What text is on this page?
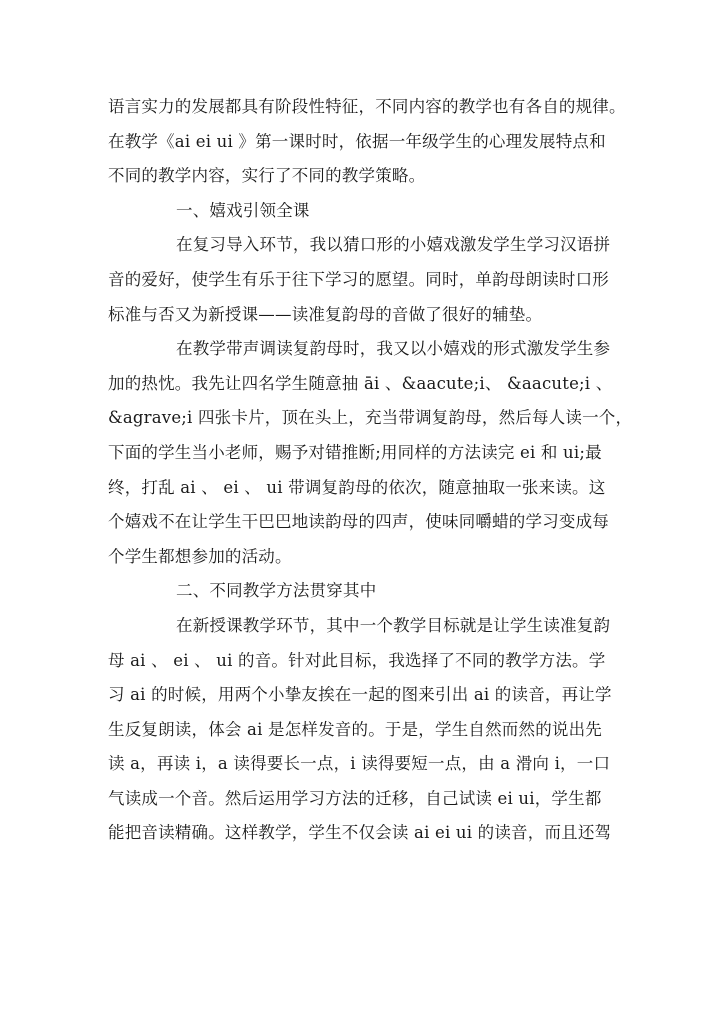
语言实力的发展都具有阶段性特征，不同内容的教学也有各自的规律。
在教学《ai ei ui 》第一课时时，依据一年级学生的心理发展特点和
不同的教学内容，实行了不同的教学策略。
一、嬉戏引领全课
在复习导入环节，我以猜口形的小嬉戏激发学生学习汉语拼
音的爱好，使学生有乐于往下学习的愿望。同时，单韵母朗读时口形
标准与否又为新授课——读准复韵母的音做了很好的辅垫。
在教学带声调读复韵母时，我又以小嬉戏的形式激发学生参
加的热忱。我先让四名学生随意抽 āi 、&aacute;i、 &aacute;i 、
&agrave;i 四张卡片，顶在头上，充当带调复韵母，然后每人读一个，
下面的学生当小老师，赐予对错推断;用同样的方法读完 ei 和 ui;最
终，打乱 ai 、 ei 、 ui 带调复韵母的依次，随意抽取一张来读。这
个嬉戏不在让学生干巴巴地读韵母的四声，使味同嚼蜡的学习变成每
个学生都想参加的活动。
二、不同教学方法贯穿其中
在新授课教学环节，其中一个教学目标就是让学生读准复韵
母 ai 、 ei 、 ui 的音。针对此目标，我选择了不同的教学方法。学
习 ai 的时候，用两个小挚友挨在一起的图来引出 ai 的读音，再让学
生反复朗读，体会 ai 是怎样发音的。于是，学生自然而然的说出先
读 a，再读 i，a 读得要长一点，i 读得要短一点，由 a 滑向 i，一口
气读成一个音。然后运用学习方法的迁移，自己试读 ei ui，学生都
能把音读精确。这样教学，学生不仅会读 ai ei ui 的读音，而且还驾
